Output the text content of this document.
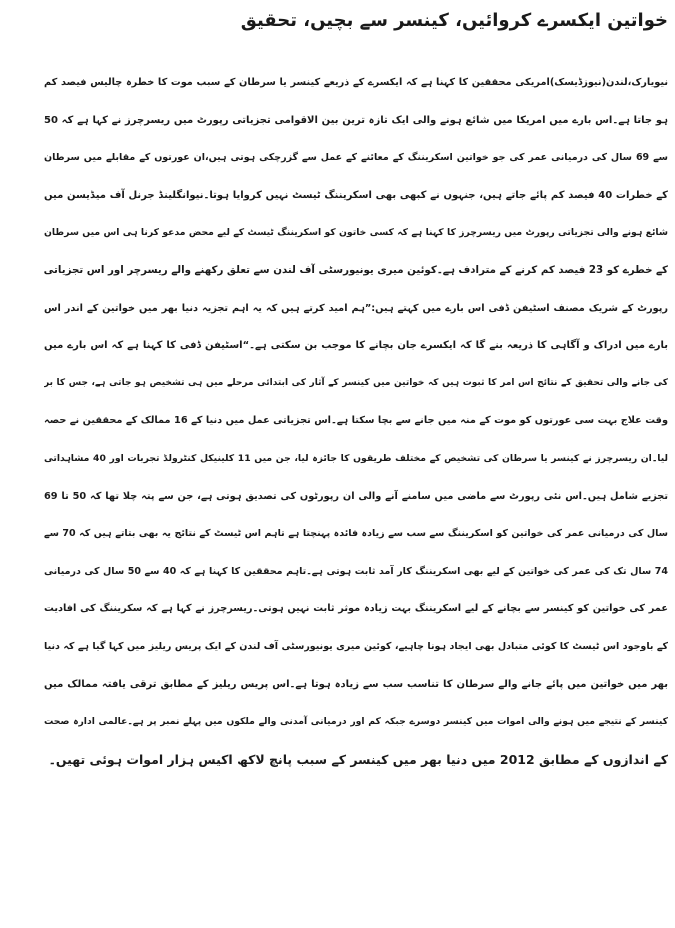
خواتین ایکسرے کروائیں، کینسر سے بچیں، تحقیق
نیویارک،لندن(نیوزڈیسک)امریکی محققین کا کہنا ہے کہ ایکسرے کے ذریعے کینسر یا سرطان کے سبب موت کا خطرہ چالیس فیصد کم
ہو جاتا ہے۔اس بارے میں امریکا میں شائع ہونے والی ایک تازہ ترین بین الاقوامی تجزیاتی رپورٹ میں ریسرچرز نے کہا ہے کہ 50
سے 69 سال کی درمیانی عمر کی جو خواتین اسکریننگ کے معائنے کے عمل سے گزرچکی ہوتی ہیں،ان عورتوں کے مقابلے میں سرطان
کے خطرات 40 فیصد کم پائے جاتے ہیں، جنہوں نے کبھی بھی اسکریننگ ٹیسٹ نہیں کروایا ہوتا۔نیوانگلینڈ جرنل آف میڈیسن میں
شائع ہونے والی تجزیاتی رپورٹ میں ریسرچرز کا کہنا ہے کہ کسی خاتون کو اسکریننگ ٹیسٹ کے لیے محض مدعو کرنا ہی اس میں سرطان
کے خطرے کو 23 فیصد کم کرنے کے مترادف ہے۔کوئین میری یونیورسٹی آف لندن سے تعلق رکھنے والے ریسرچر اور اس تجزیاتی
رپورٹ کے شریک مصنف اسٹیفن ڈفی اس بارے میں کہتے ہیں:”ہم امید کرتے ہیں کہ یہ اہم تجزیہ دنیا بھر میں خواتین کے اندر اس
بارے میں ادراک و آگاہی کا ذریعہ بنے گا کہ ایکسرے جان بچانے کا موجب بن سکتی ہے۔“اسٹیفن ڈفی کا کہنا ہے کہ اس بارے میں
کی جانے والی تحقیق کے نتائج اس امر کا ثبوت ہیں کہ خواتین میں کینسر کے آثار کی ابتدائی مرحلے میں ہی تشخیص ہو جاتی ہے، جس کا بر
وقت علاج بہت سی عورتوں کو موت کے منہ میں جانے سے بچا سکتا ہے۔اس تجزیاتی عمل میں دنیا کے 16 ممالک کے محققین نے حصہ
لیا۔ان ریسرچرز نے کینسر یا سرطان کی تشخیص کے مختلف طریقوں کا جائزہ لیا، جن میں 11 کلینیکل کنٹرولڈ تجربات اور 40 مشاہداتی
تجزیے شامل ہیں۔اس نئی رپورٹ سے ماضی میں سامنے آنے والی ان رپورٹوں کی تصدیق ہوتی ہے، جن سے پتہ چلا تھا کہ 50 تا 69
سال کی درمیانی عمر کی خواتین کو اسکریننگ سے سب سے زیادہ فائدہ پہنچتا ہے تاہم اس ٹیسٹ کے نتائج یہ بھی بتاتے ہیں کہ 70 سے
74 سال تک کی عمر کی خواتین کے لیے بھی اسکریننگ کار آمد ثابت ہوتی ہے۔تاہم محققین کا کہنا ہے کہ 40 سے 50 سال کی درمیانی
عمر کی خواتین کو کینسر سے بچانے کے لیے اسکریننگ بہت زیادہ موثر ثابت نہیں ہوتی۔ریسرچرز نے کہا ہے کہ سکریننگ کی افادیت
کے باوجود اس ٹیسٹ کا کوئی متبادل بھی ایجاد ہونا چاہیے، کوئین میری یونیورسٹی آف لندن کے ایک پریس ریلیز میں کہا گیا ہے کہ دنیا
بھر میں خواتین میں پائے جانے والے سرطان کا تناسب سب سے زیادہ ہوتا ہے۔اس پریس ریلیز کے مطابق ترقی یافتہ ممالک میں
کینسر کے نتیجے میں ہونے والی اموات میں کینسر دوسرے جبکہ کم اور درمیانی آمدنی والے ملکوں میں پہلے نمبر پر ہے۔عالمی ادارہ صحت
کے اندازوں کے مطابق 2012 میں دنیا بھر میں کینسر کے سبب پانچ لاکھ اکیس ہزار اموات ہوئی تھیں۔
